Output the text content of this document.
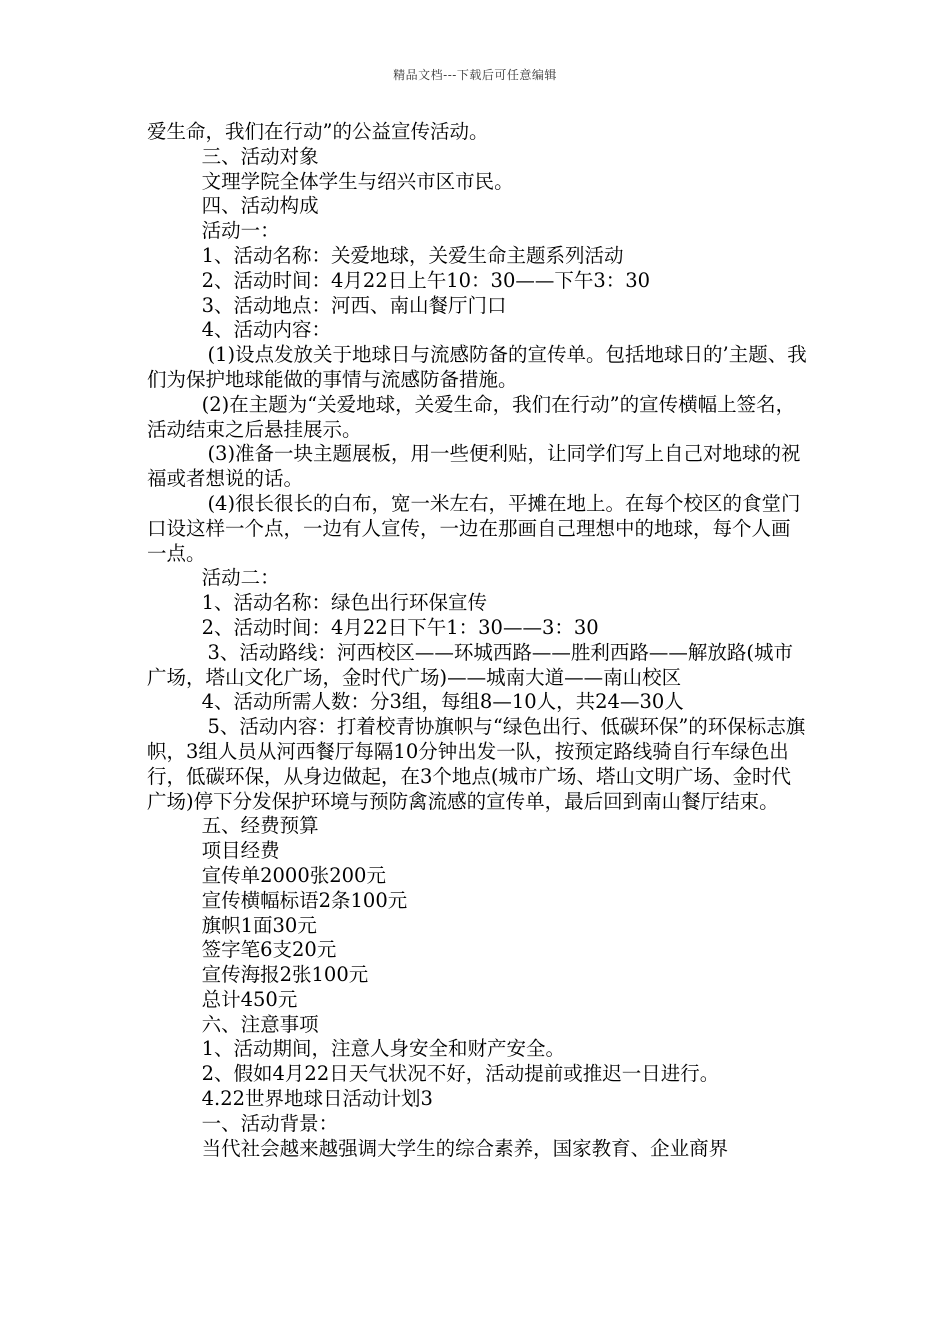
精品文档---下载后可任意编辑

爱生命，我们在行动”的公益宣传活动。

三、活动对象

文理学院全体学生与绍兴市区市民。

四、活动构成

活动一：

1、活动名称：关爱地球，关爱生命主题系列活动

2、活动时间：4月22日上午10：30——下午3：30

3、活动地点：河西、南山餐厅门口

4、活动内容：

(1)设点发放关于地球日与流感防备的宣传单。包括地球日的’主题、我们为保护地球能做的事情与流感防备措施。

(2)在主题为“关爱地球，关爱生命，我们在行动”的宣传横幅上签名，活动结束之后悬挂展示。

(3)准备一块主题展板，用一些便利贴，让同学们写上自己对地球的祝福或者想说的话。

(4)很长很长的白布，宽一米左右，平摊在地上。在每个校区的食堂门口设这样一个点，一边有人宣传，一边在那画自己理想中的地球，每个人画一点。

活动二：

1、活动名称：绿色出行环保宣传

2、活动时间：4月22日下午1：30——3：30

3、活动路线：河西校区——环城西路——胜利西路——解放路(城市广场，塔山文化广场，金时代广场)——城南大道——南山校区

4、活动所需人数：分3组，每组8—10人，共24—30人

5、活动内容：打着校青协旗帜与“绿色出行、低碳环保”的环保标志旗帜，3组人员从河西餐厅每隔10分钟出发一队，按预定路线骑自行车绿色出行，低碳环保，从身边做起，在3个地点(城市广场、塔山文明广场、金时代广场)停下分发保护环境与预防禽流感的宣传单，最后回到南山餐厅结束。

五、经费预算

项目经费

宣传单2000张200元

宣传横幅标语2条100元

旗帜1面30元

签字笔6支20元

宣传海报2张100元

总计450元

六、注意事项

1、活动期间，注意人身安全和财产安全。

2、假如4月22日天气状况不好，活动提前或推迟一日进行。

4.22世界地球日活动计划3

一、活动背景：

当代社会越来越强调大学生的综合素养，国家教育、企业商界
